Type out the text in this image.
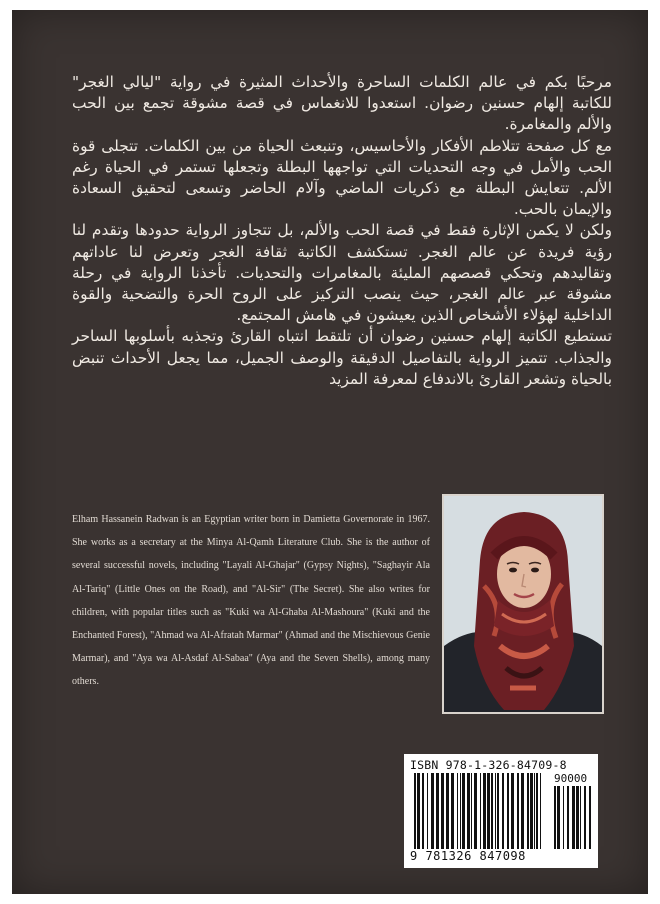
مرحبًا بكم في عالم الكلمات الساحرة والأحداث المثيرة في رواية "ليالي الغجر" للكاتبة إلهام حسنين رضوان. استعدوا للانغماس في قصة مشوقة تجمع بين الحب والألم والمغامرة.

مع كل صفحة تتلاطم الأفكار والأحاسيس، وتنبعث الحياة من بين الكلمات. تتجلى قوة الحب والأمل في وجه التحديات التي تواجهها البطلة وتجعلها تستمر في الحياة رغم الألم. تتعايش البطلة مع ذكريات الماضي وآلام الحاضر وتسعى لتحقيق السعادة والإيمان بالحب.

ولكن لا يكمن الإثارة فقط في قصة الحب والألم، بل تتجاوز الرواية حدودها وتقدم لنا رؤية فريدة عن عالم الغجر. تستكشف الكاتبة ثقافة الغجر وتعرض لنا عاداتهم وتقاليدهم وتحكي قصصهم المليئة بالمغامرات والتحديات. تأخذنا الرواية في رحلة مشوقة عبر عالم الغجر، حيث ينصب التركيز على الروح الحرة والتضحية والقوة الداخلية لهؤلاء الأشخاص الذين يعيشون في هامش المجتمع.

تستطيع الكاتبة إلهام حسنين رضوان أن تلتقط انتباه القارئ وتجذبه بأسلوبها الساحر والجذاب. تتميز الرواية بالتفاصيل الدقيقة والوصف الجميل، مما يجعل الأحداث تنبض بالحياة وتشعر القارئ بالاندفاع لمعرفة المزيد

Elham Hassanein Radwan is an Egyptian writer born in Damietta Governorate in 1967. She works as a secretary at the Minya Al-Qamh Literature Club. She is the author of several successful novels, including "Layali Al-Ghajar" (Gypsy Nights), "Saghayir Ala Al-Tariq" (Little Ones on the Road), and "Al-Sir" (The Secret). She also writes for children, with popular titles such as "Kuki wa Al-Ghaba Al-Mashoura" (Kuki and the Enchanted Forest), "Ahmad wa Al-Afratah Marmar" (Ahmad and the Mischievous Genie Marmar), and "Aya wa Al-Asdaf Al-Sabaa" (Aya and the Seven Shells), among many others.
ISBN 978-1-326-84709-8
90000
9 781326 847098
